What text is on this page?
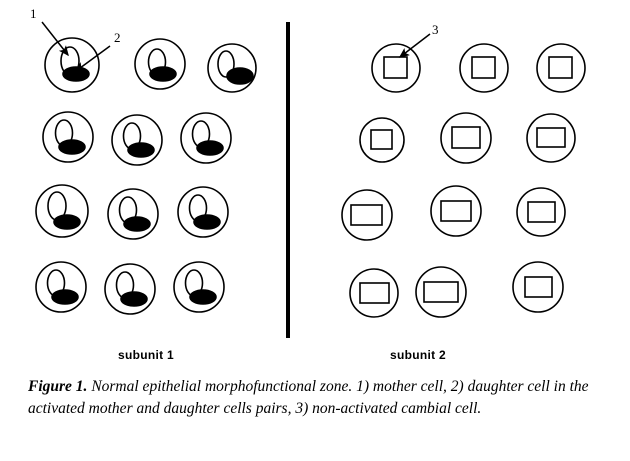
1
2
3
subunit 1	subunit 2
Figure 1. Normal epithelial morphofunctional zone. 1) mother cell, 2) daughter cell in the activated mother and daughter cells pairs, 3) non-activated cambial cell.
